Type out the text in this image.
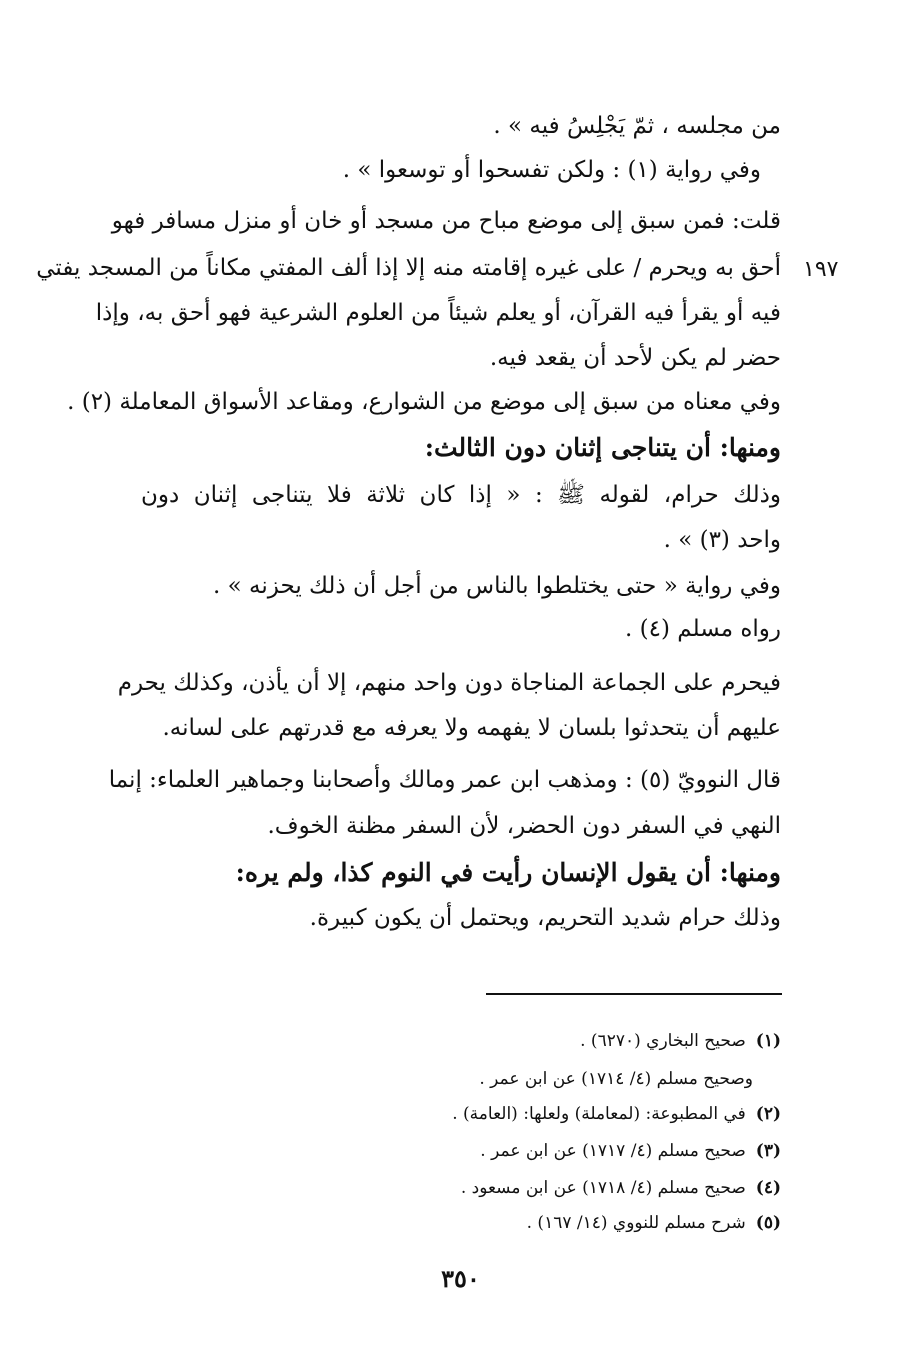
من مجلسه ، ثمّ يَجْلِسُ فيه » .
وفي رواية (١) : ولكن تفسحوا أو توسعوا » .
قلت: فمن سبق إلى موضع مباح من مسجد أو خان أو منزل مسافر فهو
أحق به ويحرم / على غيره إقامته منه إلا إذا ألف المفتي مكاناً من المسجد يفتي ١٩٧
فيه أو يقرأ فيه القرآن، أو يعلم شيئاً من العلوم الشرعية فهو أحق به، وإذا
حضر لم يكن لأحد أن يقعد فيه.
وفي معناه من سبق إلى موضع من الشوارع، ومقاعد الأسواق المعاملة (٢) .
ومنها: أن يتناجى إثنان دون الثالث:
وذلك حرام، لقوله ﷺ : « إذا كان ثلاثة فلا يتناجى إثنان دون
واحد (٣) » .
وفي رواية « حتى يختلطوا بالناس من أجل أن ذلك يحزنه » .
رواه مسلم (٤) .
فيحرم على الجماعة المناجاة دون واحد منهم، إلا أن يأذن، وكذلك يحرم
عليهم أن يتحدثوا بلسان لا يفهمه ولا يعرفه مع قدرتهم على لسانه.
قال النوويّ (٥) : ومذهب ابن عمر ومالك وأصحابنا وجماهير العلماء: إنما
النهي في السفر دون الحضر، لأن السفر مظنة الخوف.
ومنها: أن يقول الإنسان رأيت في النوم كذا، ولم يره:
وذلك حرام شديد التحريم، ويحتمل أن يكون كبيرة.
(١)صحيح البخاري (٦٢٧٠) .
وصحيح مسلم (٤/ ١٧١٤) عن ابن عمر .
(٢)في المطبوعة: (لمعاملة) ولعلها: (العامة) .
(٣)صحيح مسلم (٤/ ١٧١٧) عن ابن عمر .
(٤)صحيح مسلم (٤/ ١٧١٨) عن ابن مسعود .
(٥)شرح مسلم للنووي (١٤/ ١٦٧) .
٣٥٠
